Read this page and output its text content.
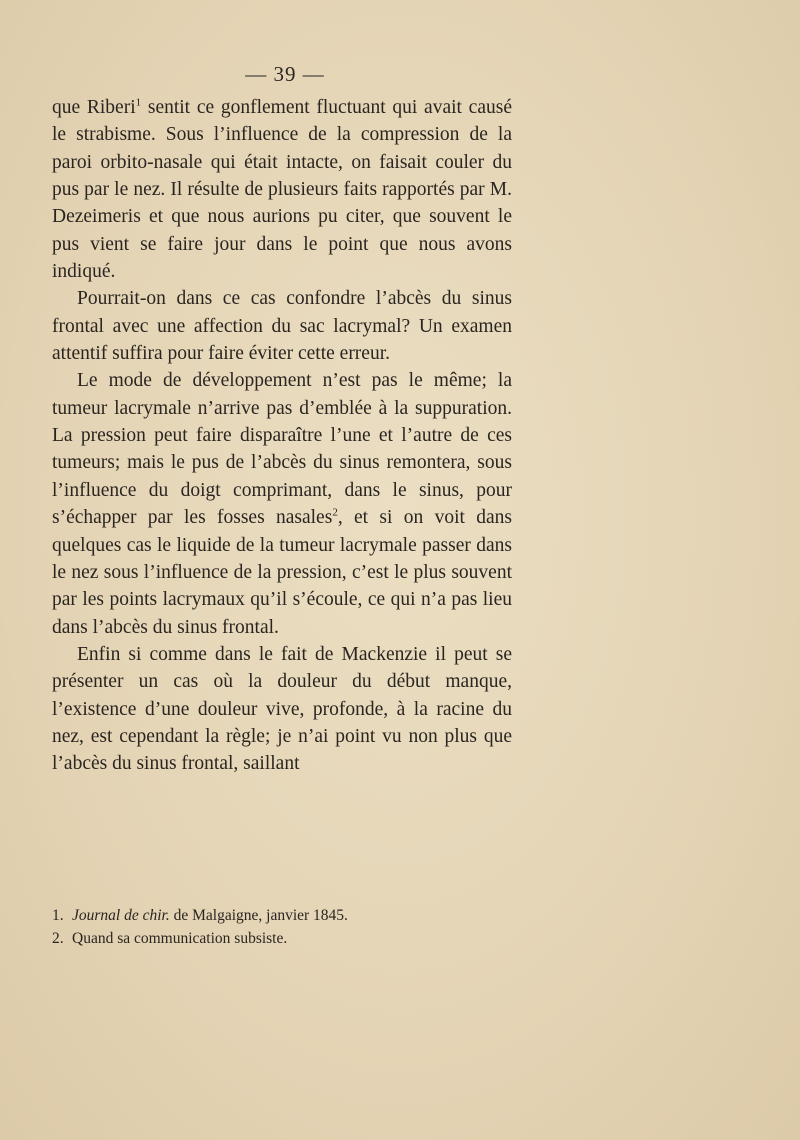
— 39 —

que Riberi$^1$ sentit ce gonflement fluctuant qui avait causé le strabisme. Sous l’influence de la compression de la paroi orbito-nasale qui était intacte, on faisait couler du pus par le nez. Il résulte de plusieurs faits rapportés par M. Dezeimeris et que nous aurions pu citer, que souvent le pus vient se faire jour dans le point que nous avons indiqué.

Pourrait-on dans ce cas confondre l’abcès du sinus frontal avec une affection du sac lacrymal? Un examen attentif suffira pour faire éviter cette erreur.

Le mode de développement n’est pas le même; la tumeur lacrymale n’arrive pas d’emblée à la suppuration. La pression peut faire disparaître l’une et l’autre de ces tumeurs; mais le pus de l’abcès du sinus remontera, sous l’influence du doigt comprimant, dans le sinus, pour s’échapper par les fosses nasales$^2$, et si on voit dans quelques cas le liquide de la tumeur lacrymale passer dans le nez sous l’influence de la pression, c’est le plus souvent par les points lacrymaux qu’il s’écoule, ce qui n’a pas lieu dans l’abcès du sinus frontal.

Enfin si comme dans le fait de Mackenzie il peut se présenter un cas où la douleur du début manque, l’existence d’une douleur vive, profonde, à la racine du nez, est cependant la règle; je n’ai point vu non plus que l’abcès du sinus frontal, saillant

1. Journal de chir. de Malgaigne, janvier 1845.
2. Quand sa communication subsiste.
